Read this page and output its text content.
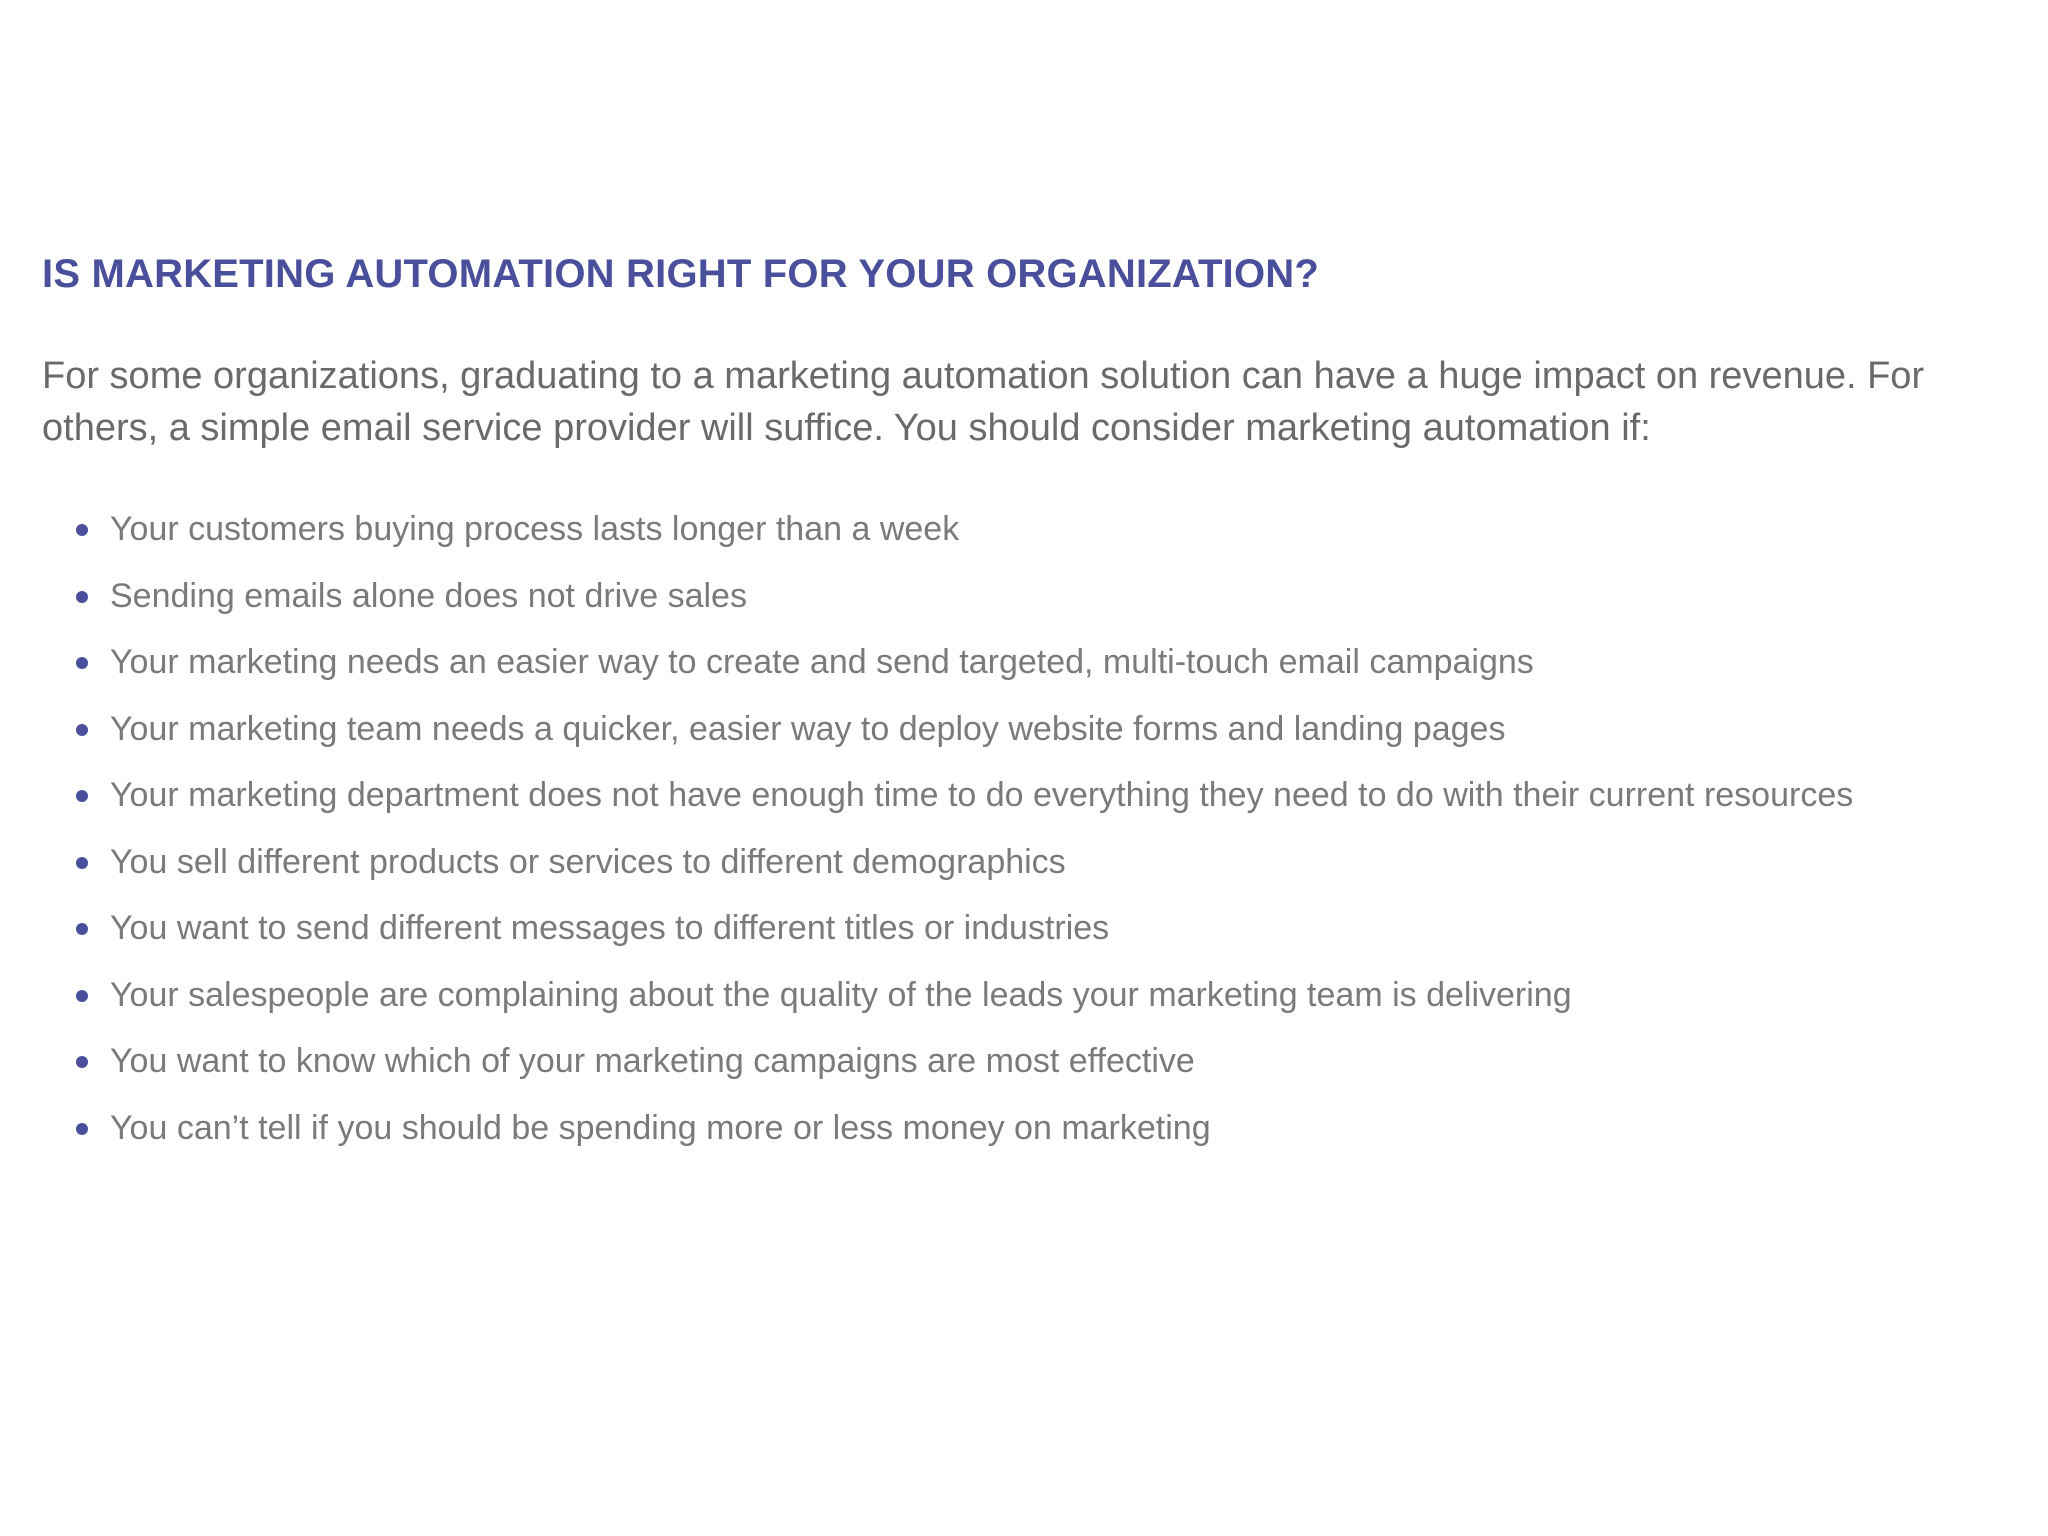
IS MARKETING AUTOMATION RIGHT FOR YOUR ORGANIZATION?

For some organizations, graduating to a marketing automation solution can have a huge impact on revenue. For others, a simple email service provider will suffice. You should consider marketing automation if:

Your customers buying process lasts longer than a week
Sending emails alone does not drive sales
Your marketing needs an easier way to create and send targeted, multi-touch email campaigns
Your marketing team needs a quicker, easier way to deploy website forms and landing pages
Your marketing department does not have enough time to do everything they need to do with their current resources
You sell different products or services to different demographics
You want to send different messages to different titles or industries
Your salespeople are complaining about the quality of the leads your marketing team is delivering
You want to know which of your marketing campaigns are most effective
You can’t tell if you should be spending more or less money on marketing
